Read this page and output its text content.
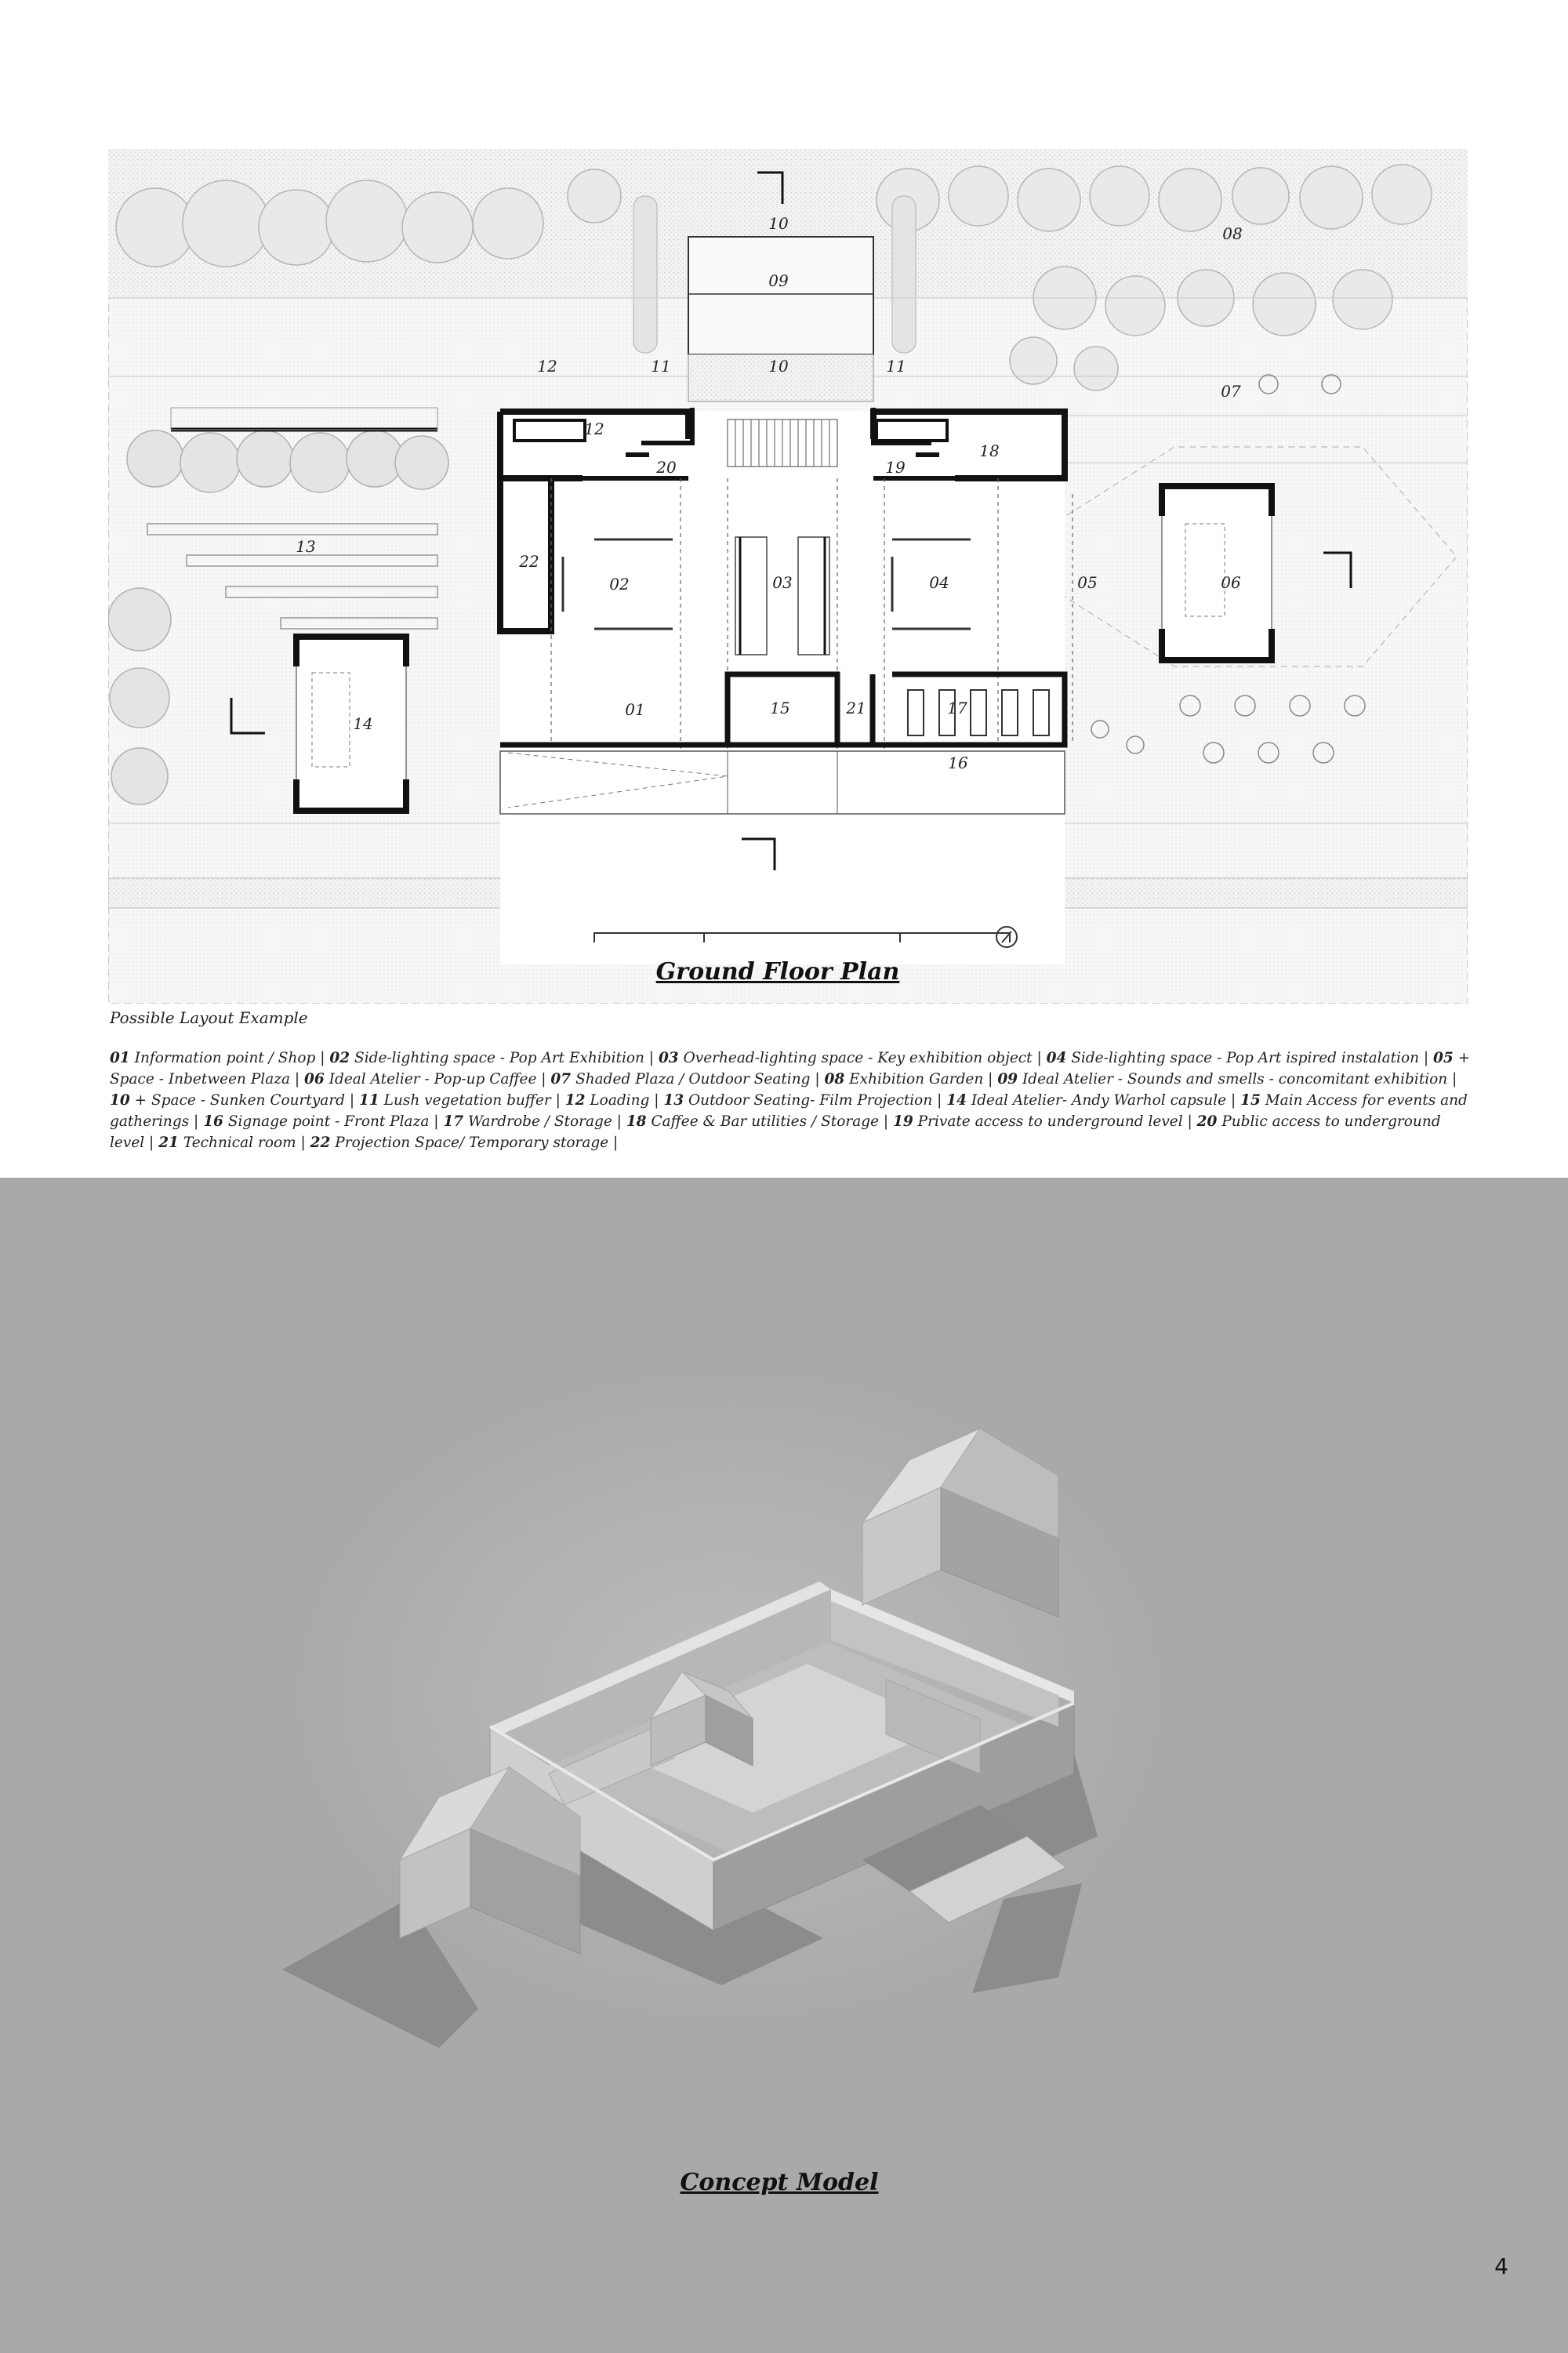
10
09
10
11	11
12
12
08
07
20	19
18
13
22
02	03	04	05	06
01	15	21	17
16
14
Ground Floor Plan
Possible Layout Example
01 Information point / Shop | 02 Side-lighting space - Pop Art Exhibition | 03 Overhead-lighting space - Key exhibition object | 04 Side-lighting space - Pop Art ispired instalation | 05 + Space - Inbetween Plaza | 06 Ideal Atelier - Pop-up Caffee | 07 Shaded Plaza / Outdoor Seating | 08 Exhibition Garden | 09 Ideal Atelier - Sounds and smells - concomitant exhibition | 10 + Space - Sunken Courtyard | 11 Lush vegetation buffer | 12 Loading | 13 Outdoor Seating- Film Projection | 14 Ideal Atelier- Andy Warhol capsule | 15 Main Access for events and gatherings | 16 Signage point - Front Plaza | 17 Wardrobe / Storage | 18 Caffee & Bar utilities / Storage | 19 Private access to underground level | 20 Public access to underground level | 21 Technical room | 22 Projection Space/ Temporary storage |
Concept Model
4
